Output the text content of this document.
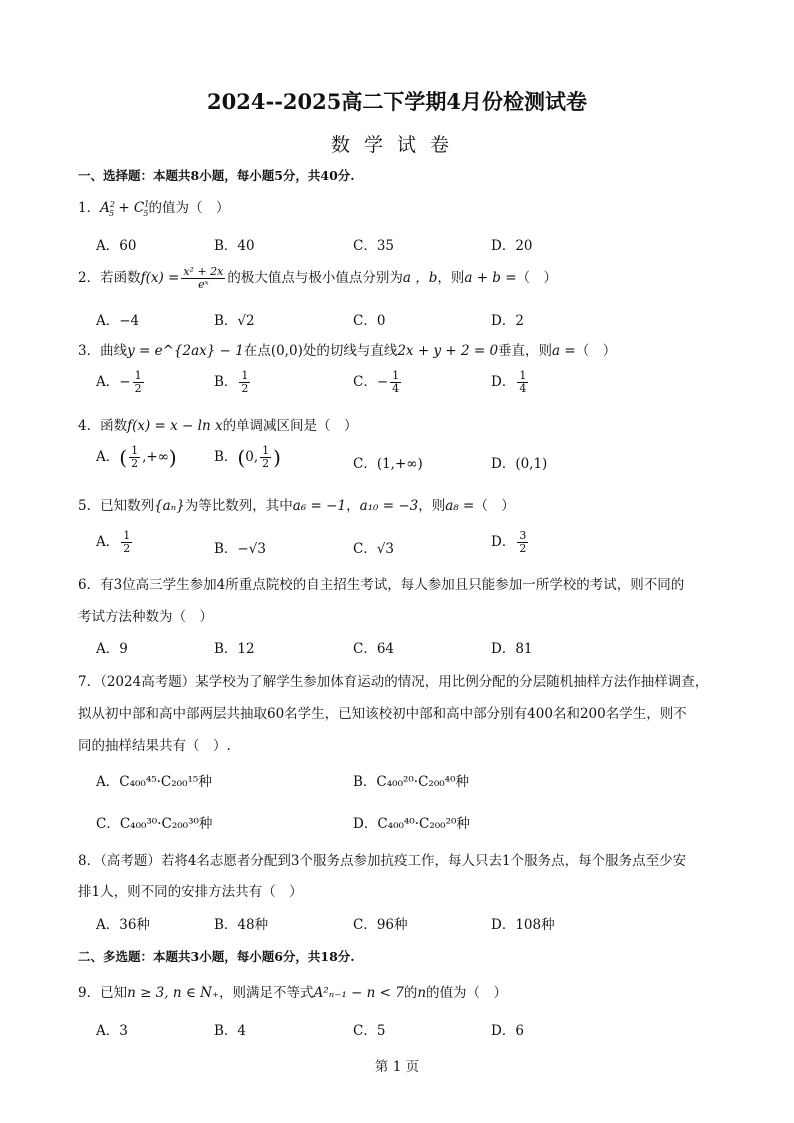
2024--2025高二下学期4月份检测试卷
数学试卷
一、选择题：本题共8小题，每小题5分，共40分.
1．$A^2_5 + C^1_5$的值为（　）
A．60	B．40	C．35	D．20
2．若函数$f(x) = \frac{\text{x² + 2x}}{\text{eˣ}}$ 的极大值点与极小值点分别为a ，b，则a + b =（　）
A．−4	B．√2	C．0	D．2
3．曲线y = e^{2ax} − 1在点(0,0)处的切线与直线2x + y + 2 = 0垂直，则a =（　）
A．− $\frac{1}{2}$	B． $\frac{1}{2}$	C．− $\frac{1}{4}$	D． $\frac{1}{4}$
4．函数f(x) = x − ln x的单调减区间是（　）
A．( $\frac{1}{2}$ ,+∞)	B．(0, $\frac{1}{2}$ )	C．(1,+∞)	D．(0,1)
5．已知数列{aₙ}为等比数列，其中a₆ = −1，a₁₀ = −3，则a₈ =（　）
A． $\frac{1}{2}$	B．−√3	C．√3	D． $\frac{3}{2}$
6．有3位高三学生参加4所重点院校的自主招生考试，每人参加且只能参加一所学校的考试，则不同的
考试方法种数为（　）
A．9	B．12	C．64	D．81
7．（2024高考题）某学校为了解学生参加体育运动的情况，用比例分配的分层随机抽样方法作抽样调查，
拟从初中部和高中部两层共抽取60名学生，已知该校初中部和高中部分别有400名和200名学生，则不
同的抽样结果共有（　）.
A．C₄₀₀⁴⁵·C₂₀₀¹⁵种	B．C₄₀₀²⁰·C₂₀₀⁴⁰种
C．C₄₀₀³⁰·C₂₀₀³⁰种	D．C₄₀₀⁴⁰·C₂₀₀²⁰种
8．（高考题）若将4名志愿者分配到3个服务点参加抗疫工作，每人只去1个服务点，每个服务点至少安
排1人，则不同的安排方法共有（　）
A．36种	B．48种	C．96种	D．108种
二、多选题：本题共3小题，每小题6分，共18分.
9．已知n ≥ 3, n ∈ N₊，则满足不等式A²ₙ₋₁ − n < 7的n的值为（　）
A．3	B．4	C．5	D．6
第 1 页
